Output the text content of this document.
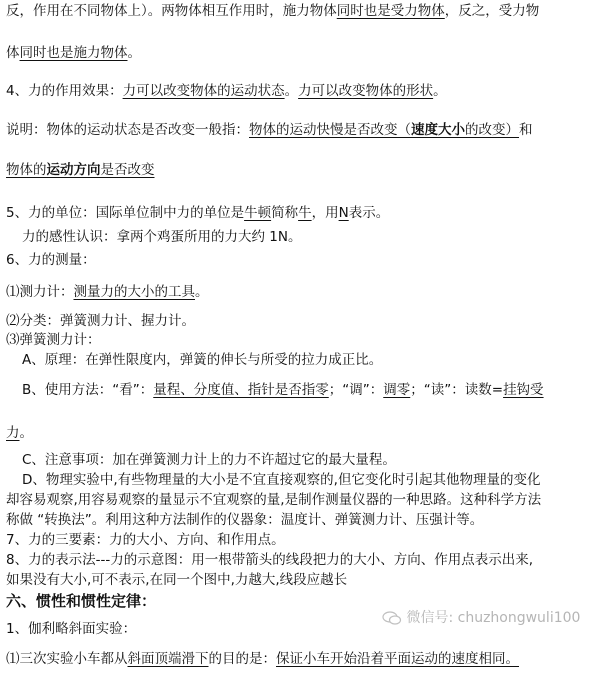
反，作用在不同物体上）。两物体相互作用时，施力物体同时也是受力物体，反之，受力物
体同时也是施力物体。
4、力的作用效果：力可以改变物体的运动状态。力可以改变物体的形状。
说明：物体的运动状态是否改变一般指：物体的运动快慢是否改变（速度大小的改变）和
物体的运动方向是否改变
5、力的单位：国际单位制中力的单位是牛顿简称牛，用N表示。
力的感性认识：拿两个鸡蛋所用的力大约 1N。
6、力的测量：
⑴测力计：测量力的大小的工具。
⑵分类：弹簧测力计、握力计。
⑶弹簧测力计：
A、原理：在弹性限度内，弹簧的伸长与所受的拉力成正比。
B、使用方法：“看”：量程、分度值、指针是否指零；“调”：调零；“读”：读数=挂钩受
力。
C、注意事项：加在弹簧测力计上的力不许超过它的最大量程。
D、物理实验中,有些物理量的大小是不宜直接观察的,但它变化时引起其他物理量的变化
却容易观察,用容易观察的量显示不宜观察的量,是制作测量仪器的一种思路。这种科学方法
称做 “转换法”。利用这种方法制作的仪器象：温度计、弹簧测力计、压强计等。
7、力的三要素：力的大小、方向、和作用点。
8、力的表示法---力的示意图：用一根带箭头的线段把力的大小、方向、作用点表示出来,
如果没有大小,可不表示,在同一个图中,力越大,线段应越长
六、惯性和惯性定律：
1、伽利略斜面实验：
⑴三次实验小车都从斜面顶端滑下的目的是：保证小车开始沿着平面运动的速度相同。
微信号: chuzhongwuli100
